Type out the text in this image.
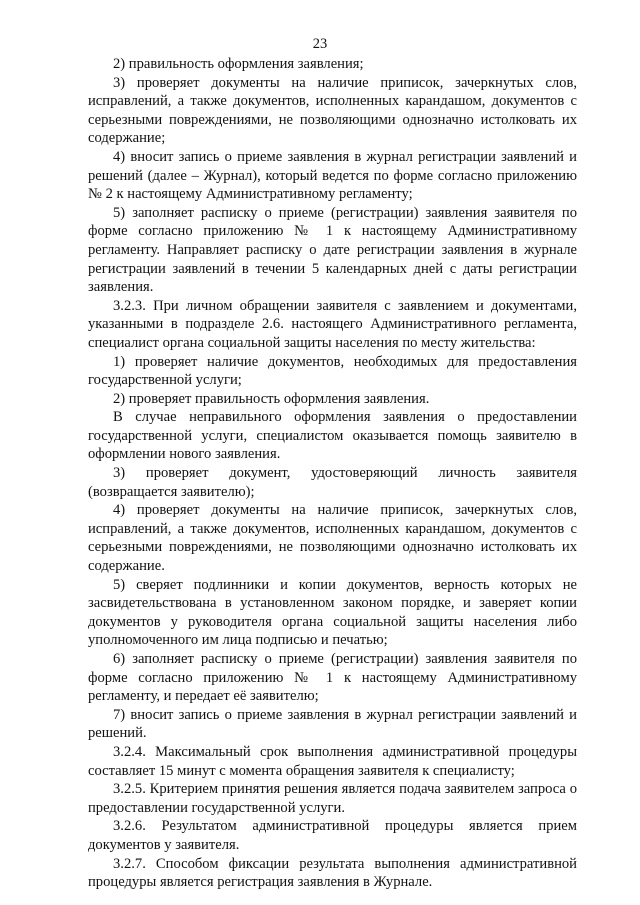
23

2) правильность оформления заявления;

3) проверяет документы на наличие приписок, зачеркнутых слов, исправлений, а также документов, исполненных карандашом, документов с серьезными повреждениями, не позволяющими однозначно истолковать их содержание;

4) вносит запись о приеме заявления в журнал регистрации заявлений и решений (далее – Журнал), который ведется по форме согласно приложению № 2 к настоящему Административному регламенту;

5) заполняет расписку о приеме (регистрации) заявления заявителя по форме согласно приложению № 1 к настоящему Административному регламенту. Направляет расписку о дате регистрации заявления в журнале регистрации заявлений в течении 5 календарных дней с даты регистрации заявления.

3.2.3. При личном обращении заявителя с заявлением и документами, указанными в подразделе 2.6. настоящего Административного регламента, специалист органа социальной защиты населения по месту жительства:

1) проверяет наличие документов, необходимых для предоставления государственной услуги;

2) проверяет правильность оформления заявления.

В случае неправильного оформления заявления о предоставлении государственной услуги, специалистом оказывается помощь заявителю в оформлении нового заявления.

3) проверяет документ, удостоверяющий личность заявителя (возвращается заявителю);

4) проверяет документы на наличие приписок, зачеркнутых слов, исправлений, а также документов, исполненных карандашом, документов с серьезными повреждениями, не позволяющими однозначно истолковать их содержание.

5) сверяет подлинники и копии документов, верность которых не засвидетельствована в установленном законом порядке, и заверяет копии документов у руководителя органа социальной защиты населения либо уполномоченного им лица подписью и печатью;

6) заполняет расписку о приеме (регистрации) заявления заявителя по форме согласно приложению № 1 к настоящему Административному регламенту, и передает её заявителю;

7) вносит запись о приеме заявления в журнал регистрации заявлений и решений.

3.2.4. Максимальный срок выполнения административной процедуры составляет 15 минут с момента обращения заявителя к специалисту;

3.2.5. Критерием принятия решения является подача заявителем запроса о предоставлении государственной услуги.

3.2.6. Результатом административной процедуры является прием документов у заявителя.

3.2.7. Способом фиксации результата выполнения административной процедуры является регистрация заявления в Журнале.
